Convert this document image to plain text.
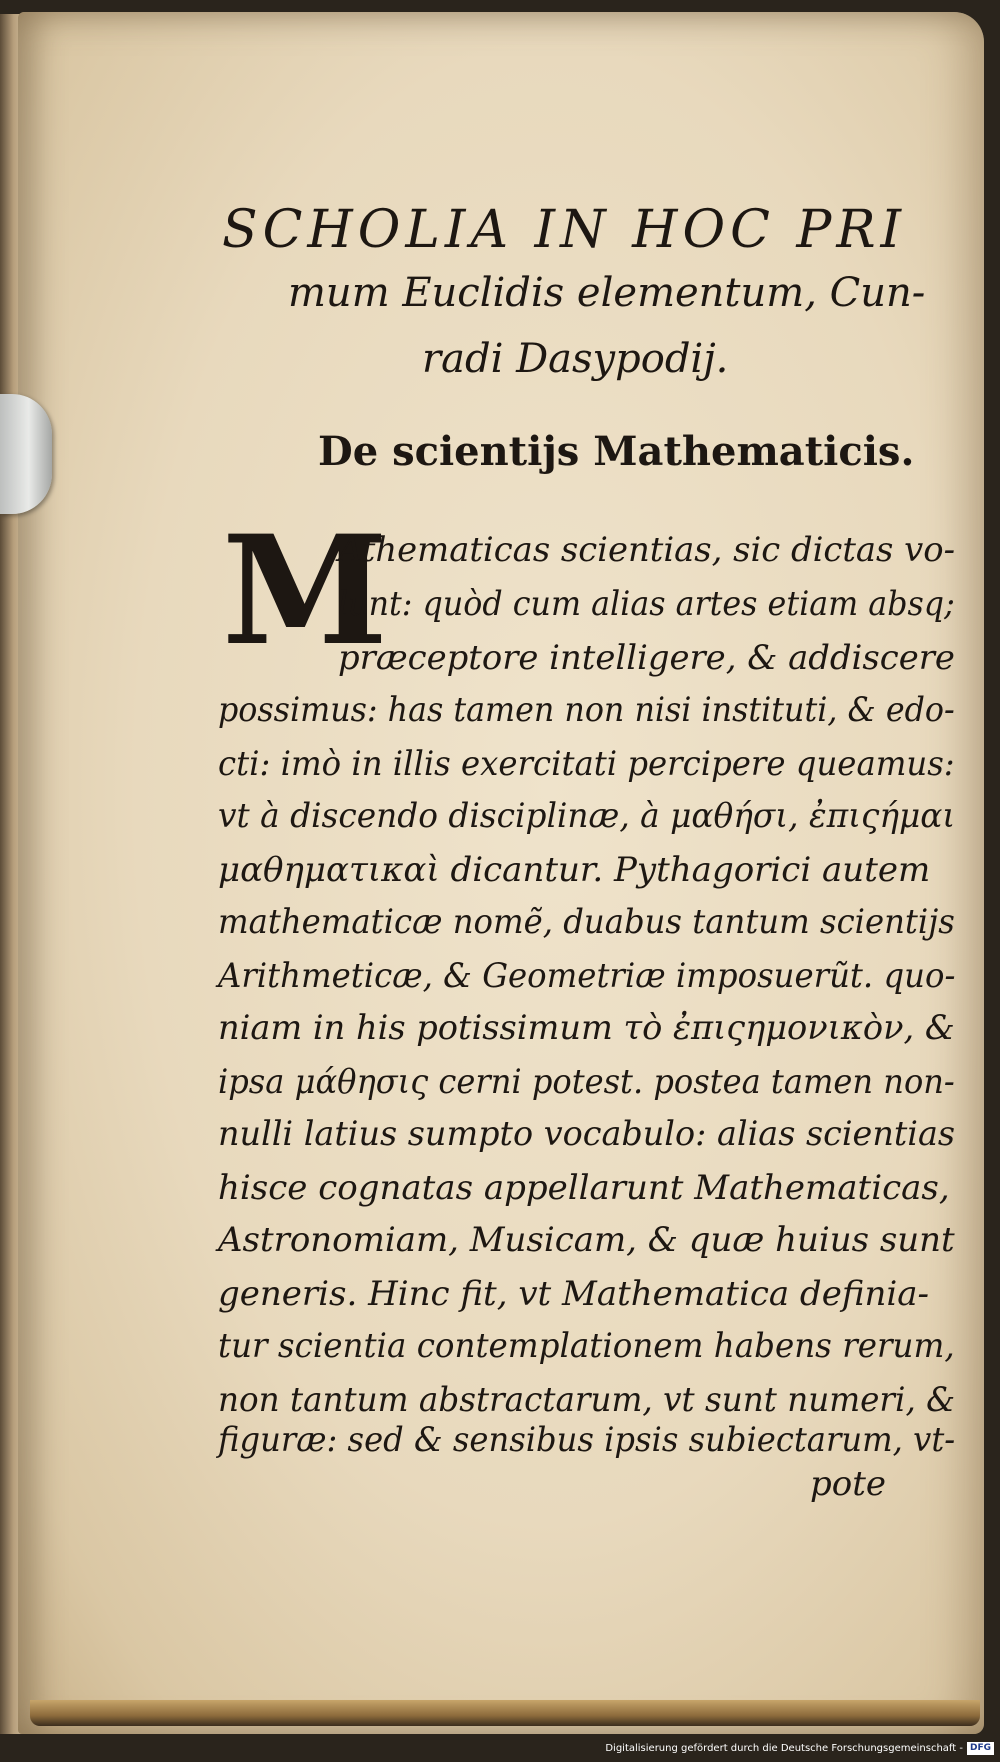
SCHOLIA IN HOC PRI
mum Euclidis elementum, Cun-
radi Dasypodij.
De scientijs Mathematicis.
M
Athematicas scientias, sic dictas vo-
lunt: quòd cum alias artes etiam absq;
præceptore intelligere, & addiscere
possimus: has tamen non nisi instituti, & edo-
cti: imò in illis exercitati percipere queamus:
vt à discendo disciplinæ, à μαθήσι, ἐπιςήμαι
μαθηματικαὶ dicantur. Pythagorici autem
mathematicæ nomẽ, duabus tantum scientijs
Arithmeticæ, & Geometriæ imposuerũt. quo-
niam in his potissimum τὸ ἐπιςημονικὸν, &
ipsa μάθησις cerni potest. postea tamen non-
nulli latius sumpto vocabulo: alias scientias
hisce cognatas appellarunt Mathematicas,
Astronomiam, Musicam, & quæ huius sunt
generis. Hinc fit, vt Mathematica definia-
tur scientia contemplationem habens rerum,
non tantum abstractarum, vt sunt numeri, &
figuræ: sed & sensibus ipsis subiectarum, vt-
pote
Digitalisierung gefördert durch die Deutsche Forschungsgemeinschaft - DFG
